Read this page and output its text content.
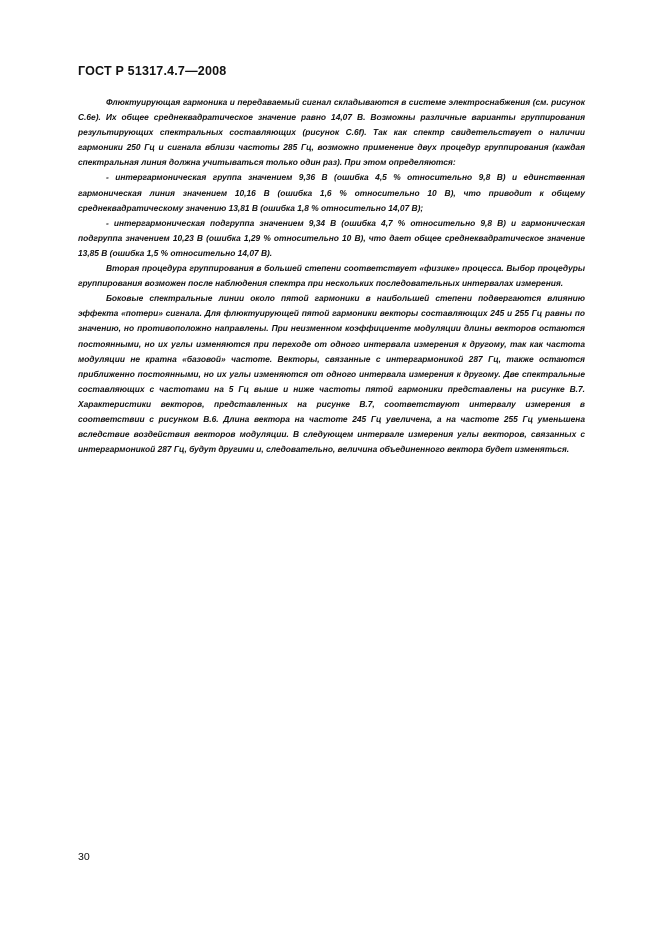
ГОСТ Р 51317.4.7—2008

Флюктуирующая гармоника и передаваемый сигнал складываются в системе электроснабжения (см. рисунок С.6е). Их общее среднеквадратическое значение равно 14,07 В. Возможны различные варианты группирования результирующих спектральных составляющих (рисунок С.6f). Так как спектр свидетельствует о наличии гармоники 250 Гц и сигнала вблизи частоты 285 Гц, возможно применение двух процедур группирования (каждая спектральная линия должна учитываться только один раз). При этом определяются:

- интергармоническая группа значением 9,36 В (ошибка 4,5 % относительно 9,8 В) и единственная гармоническая линия значением 10,16 В (ошибка 1,6 % относительно 10 В), что приводит к общему среднеквадратическому значению 13,81 В (ошибка 1,8 % относительно 14,07 В);

- интергармоническая подгруппа значением 9,34 В (ошибка 4,7 % относительно 9,8 В) и гармоническая подгруппа значением 10,23 В (ошибка 1,29 % относительно 10 В), что дает общее среднеквадратическое значение 13,85 В (ошибка 1,5 % относительно 14,07 В).

Вторая процедура группирования в большей степени соответствует «физике» процесса. Выбор процедуры группирования возможен после наблюдения спектра при нескольких последовательных интервалах измерения.

Боковые спектральные линии около пятой гармоники в наибольшей степени подвергаются влиянию эффекта «потери» сигнала. Для флюктуирующей пятой гармоники векторы составляющих 245 и 255 Гц равны по значению, но противоположно направлены. При неизменном коэффициенте модуляции длины векторов остаются постоянными, но их углы изменяются при переходе от одного интервала измерения к другому, так как частота модуляции не кратна «базовой» частоте. Векторы, связанные с интергармоникой 287 Гц, также остаются приближенно постоянными, но их углы изменяются от одного интервала измерения к другому. Две спектральные составляющих с частотами на 5 Гц выше и ниже частоты пятой гармоники представлены на рисунке В.7. Характеристики векторов, представленных на рисунке В.7, соответствуют интервалу измерения в соответствии с рисунком В.6. Длина вектора на частоте 245 Гц увеличена, а на частоте 255 Гц уменьшена вследствие воздействия векторов модуляции. В следующем интервале измерения углы векторов, связанных с интергармоникой 287 Гц, будут другими и, следовательно, величина объединенного вектора будет изменяться.

30
